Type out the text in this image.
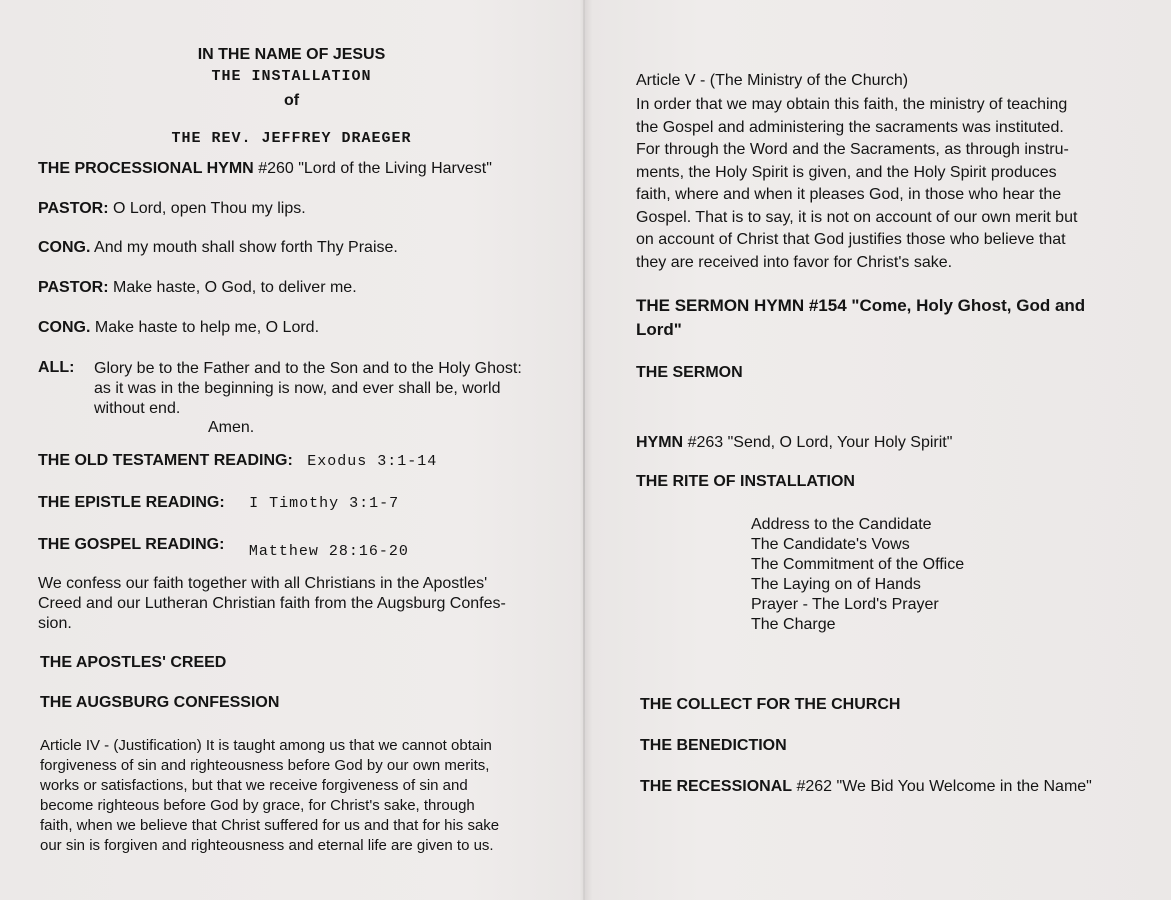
IN THE NAME OF JESUS
THE INSTALLATION
of
THE REV. JEFFREY DRAEGER
THE PROCESSIONAL HYMN #260 "Lord of the Living Harvest"
PASTOR: O Lord, open Thou my lips.
CONG. And my mouth shall show forth Thy Praise.
PASTOR: Make haste, O God, to deliver me.
CONG. Make haste to help me, O Lord.
ALL: Glory be to the Father and to the Son and to the Holy Ghost:
as it was in the beginning is now, and ever shall be, world
without end.
Amen.
THE OLD TESTAMENT READING: Exodus 3:1-14
THE EPISTLE READING: I Timothy 3:1-7
THE GOSPEL READING: Matthew 28:16-20
We confess our faith together with all Christians in the Apostles'
Creed and our Lutheran Christian faith from the Augsburg Confes-
sion.
THE APOSTLES' CREED
THE AUGSBURG CONFESSION
Article IV - (Justification) It is taught among us that we cannot obtain
forgiveness of sin and righteousness before God by our own merits,
works or satisfactions, but that we receive forgiveness of sin and
become righteous before God by grace, for Christ's sake, through
faith, when we believe that Christ suffered for us and that for his sake
our sin is forgiven and righteousness and eternal life are given to us.
Article V - (The Ministry of the Church)
In order that we may obtain this faith, the ministry of teaching
the Gospel and administering the sacraments was instituted.
For through the Word and the Sacraments, as through instru-
ments, the Holy Spirit is given, and the Holy Spirit produces
faith, where and when it pleases God, in those who hear the
Gospel. That is to say, it is not on account of our own merit but
on account of Christ that God justifies those who believe that
they are received into favor for Christ's sake.
THE SERMON HYMN #154 "Come, Holy Ghost, God and
Lord"
THE SERMON
HYMN #263 "Send, O Lord, Your Holy Spirit"
THE RITE OF INSTALLATION
Address to the Candidate
The Candidate's Vows
The Commitment of the Office
The Laying on of Hands
Prayer - The Lord's Prayer
The Charge
THE COLLECT FOR THE CHURCH
THE BENEDICTION
THE RECESSIONAL #262 "We Bid You Welcome in the Name"
